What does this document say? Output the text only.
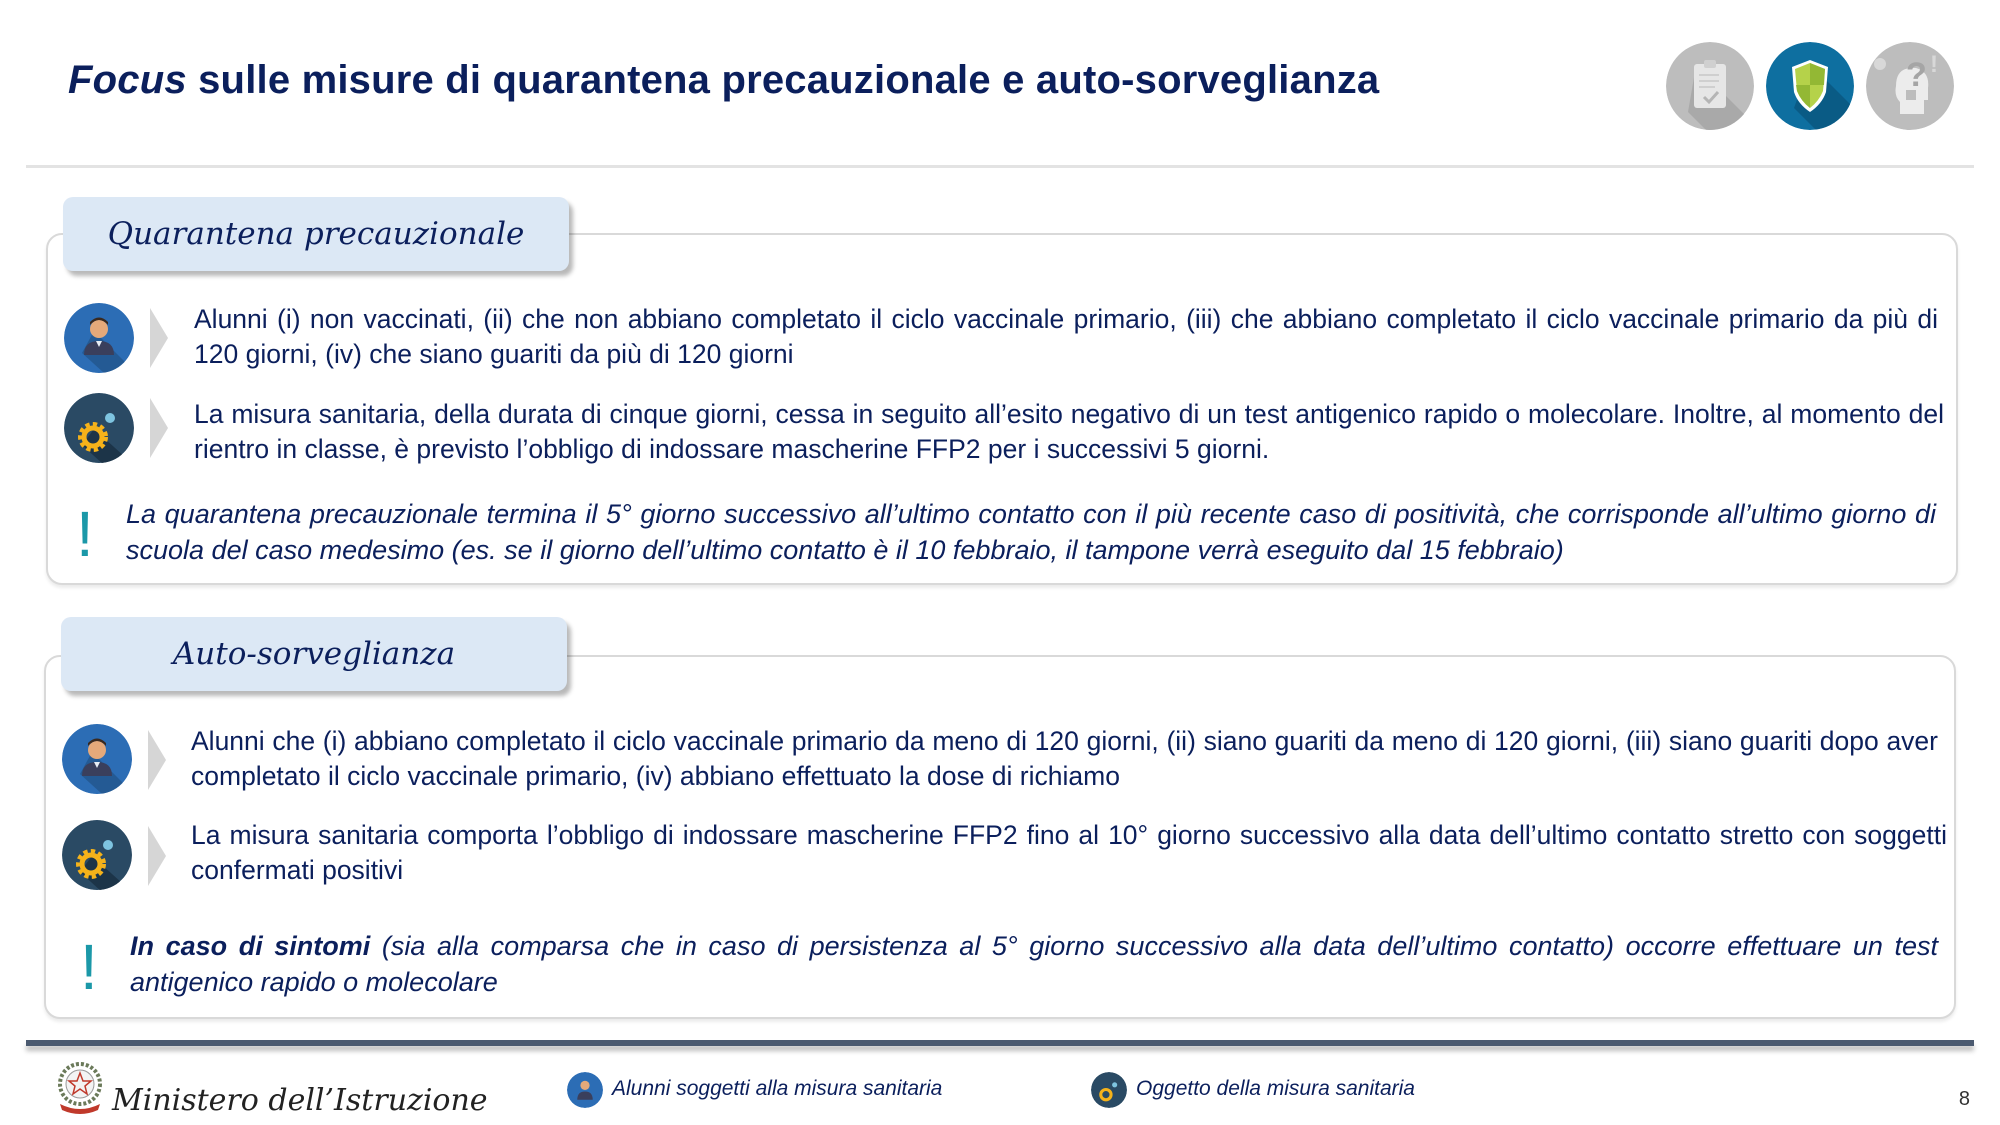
Focus sulle misure di quarantena precauzionale e auto-sorveglianza	? !
Quarantena precauzionale
Alunni (i) non vaccinati, (ii) che non abbiano completato il ciclo vaccinale primario, (iii) che abbiano completato il ciclo vaccinale primario da più di 120 giorni, (iv) che siano guariti da più di 120 giorni
La misura sanitaria, della durata di cinque giorni, cessa in seguito all’esito negativo di un test antigenico rapido o molecolare. Inoltre, al momento del rientro in classe, è previsto l’obbligo di indossare mascherine FFP2 per i successivi 5 giorni.
! La quarantena precauzionale termina il 5° giorno successivo all’ultimo contatto con il più recente caso di positività, che corrisponde all’ultimo giorno di scuola del caso medesimo (es. se il giorno dell’ultimo contatto è il 10 febbraio, il tampone verrà eseguito dal 15 febbraio)
Auto-sorveglianza
Alunni che (i) abbiano completato il ciclo vaccinale primario da meno di 120 giorni, (ii) siano guariti da meno di 120 giorni, (iii) siano guariti dopo aver completato il ciclo vaccinale primario, (iv) abbiano effettuato la dose di richiamo
La misura sanitaria comporta l’obbligo di indossare mascherine FFP2 fino al 10° giorno successivo alla data dell’ultimo contatto stretto con soggetti confermati positivi
! In caso di sintomi (sia alla comparsa che in caso di persistenza al 5° giorno successivo alla data dell’ultimo contatto) occorre effettuare un test antigenico rapido o molecolare
Ministero dell’Istruzione	Alunni soggetti alla misura sanitaria	Oggetto della misura sanitaria	8
